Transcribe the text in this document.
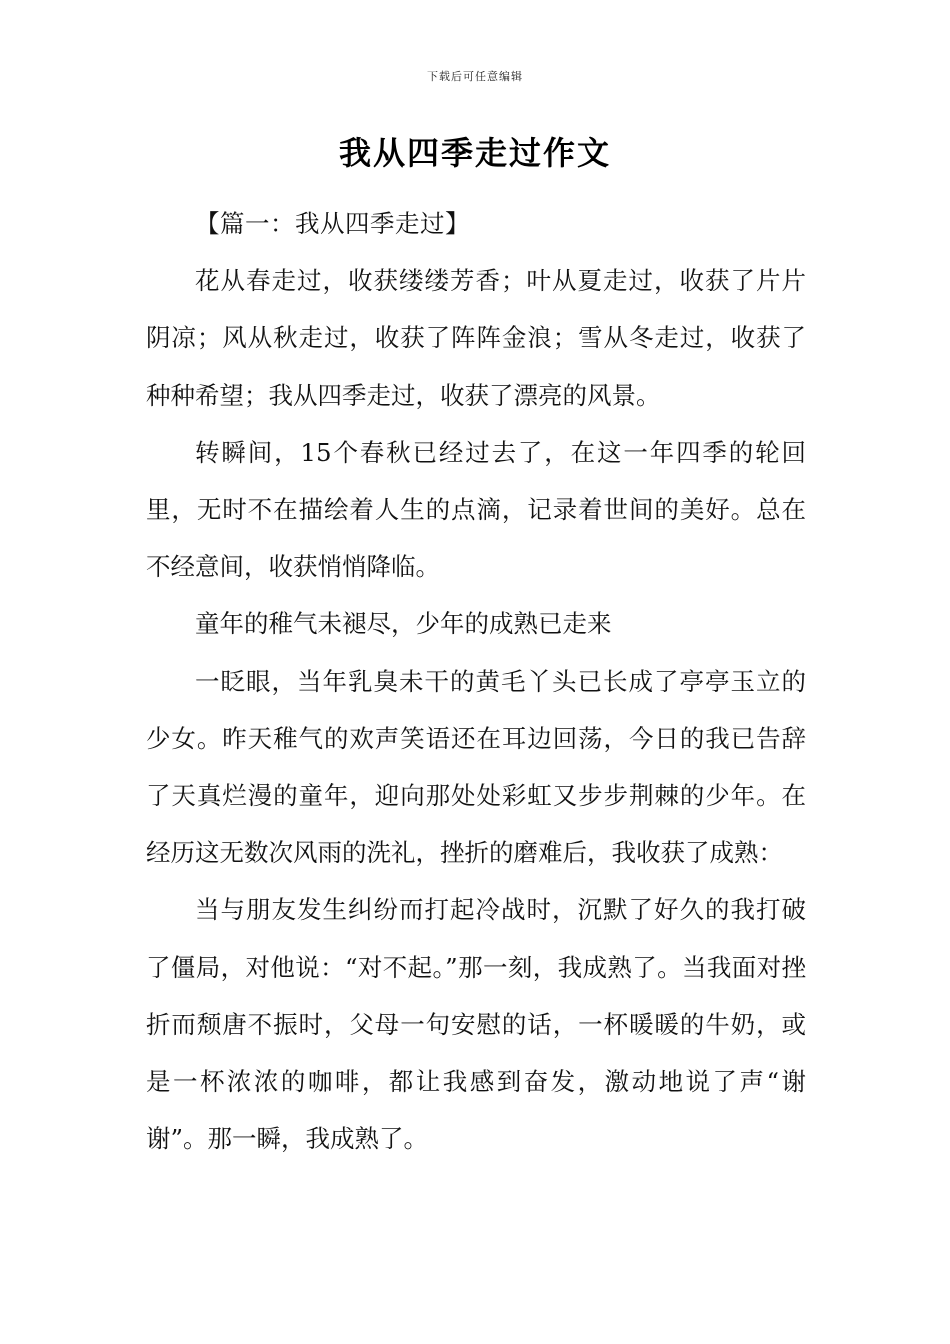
下载后可任意编辑
我从四季走过作文

【篇一：我从四季走过】

花从春走过，收获缕缕芳香；叶从夏走过，收获了片片阴凉；风从秋走过，收获了阵阵金浪；雪从冬走过，收获了种种希望；我从四季走过，收获了漂亮的风景。

转瞬间，15个春秋已经过去了，在这一年四季的轮回里，无时不在描绘着人生的点滴，记录着世间的美好。总在不经意间，收获悄悄降临。

童年的稚气未褪尽，少年的成熟已走来

一眨眼，当年乳臭未干的黄毛丫头已长成了亭亭玉立的少女。昨天稚气的欢声笑语还在耳边回荡，今日的我已告辞了天真烂漫的童年，迎向那处处彩虹又步步荆棘的少年。在经历这无数次风雨的洗礼，挫折的磨难后，我收获了成熟：

当与朋友发生纠纷而打起冷战时，沉默了好久的我打破了僵局，对他说：“对不起。”那一刻，我成熟了。当我面对挫折而颓唐不振时，父母一句安慰的话，一杯暖暖的牛奶，或是一杯浓浓的咖啡，都让我感到奋发，激动地说了声“谢谢”。那一瞬，我成熟了。
